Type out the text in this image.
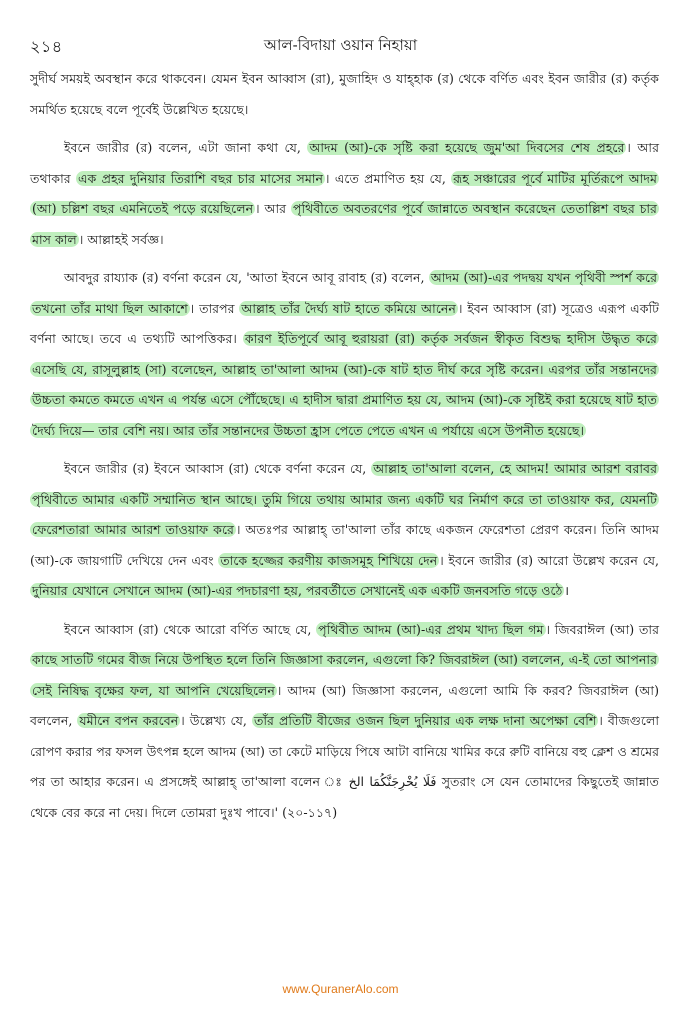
২১৪	আল-বিদায়া ওয়ান নিহায়া

সুদীর্ঘ সময়ই অবস্থান করে থাকবেন। যেমন ইবন আব্বাস (রা), মুজাহিদ ও যাহ্হাক (র) থেকে বর্ণিত এবং ইবন জারীর (র) কর্তৃক সমর্থিত হয়েছে বলে পূর্বেই উল্লেখিত হয়েছে।

ইবনে জারীর (র) বলেন, এটা জানা কথা যে, আদম (আ)-কে সৃষ্টি করা হয়েছে জুম'আ দিবসের শেষ প্রহরে । আর তথাকার এক প্রহর দুনিয়ার তিরাশি বছর চার মাসের সমান । এতে প্রমাণিত হয় যে, রূহ সঞ্চারের পূর্বে মাটির মূর্তিরূপে আদম (আ) চল্লিশ বছর এমনিতেই পড়ে রয়েছিলেন । আর পৃথিবীতে অবতরণের পূর্বে জান্নাতে অবস্থান করেছেন তেতাল্লিশ বছর চার মাস কাল । আল্লাহই সর্বজ্ঞ।

আবদুর রায্যাক (র) বর্ণনা করেন যে, 'আতা ইবনে আবূ রাবাহ (র) বলেন, আদম (আ)-এর পদদ্বয় যখন পৃথিবী স্পর্শ করে তখনো তাঁর মাথা ছিল আকাশে । তারপর আল্লাহ তাঁর দৈর্ঘ্য ষাট হাতে কমিয়ে আনেন । ইবন আব্বাস (রা) সূত্রেও এরূপ একটি বর্ণনা আছে। তবে এ তথ্যটি আপত্তিকর। কারণ ইতিপূর্বে আবূ হুরায়রা (রা) কর্তৃক সর্বজন স্বীকৃত বিশুদ্ধ হাদীস উদ্ধৃত করে এসেছি যে, রাসূলুল্লাহ (সা) বলেছেন, আল্লাহ তা'আলা আদম (আ)-কে ষাট হাত দীর্ঘ করে সৃষ্টি করেন। এরপর তাঁর সন্তানদের উচ্চতা কমতে কমতে এখন এ পর্যন্ত এসে পৌঁছেছে। এ হাদীস দ্বারা প্রমাণিত হয় যে, আদম (আ)-কে সৃষ্টিই করা হয়েছে ষাট হাত দৈর্ঘ্য দিয়ে— তার বেশি নয়। আর তাঁর সন্তানদের উচ্চতা হ্রাস পেতে পেতে এখন এ পর্যায়ে এসে উপনীত হয়েছে।

ইবনে জারীর (র) ইবনে আব্বাস (রা) থেকে বর্ণনা করেন যে, আল্লাহ তা'আলা বলেন, হে আদম! আমার আরশ বরাবর পৃথিবীতে আমার একটি সম্মানিত স্থান আছে। তুমি গিয়ে তথায় আমার জন্য একটি ঘর নির্মাণ করে তা তাওয়াফ কর, যেমনটি ফেরেশতারা আমার আরশ তাওয়াফ করে । অতঃপর আল্লাহ্ তা'আলা তাঁর কাছে একজন ফেরেশতা প্রেরণ করেন। তিনি আদম (আ)-কে জায়গাটি দেখিয়ে দেন এবং তাকে হজ্জের করণীয় কাজসমূহ শিখিয়ে দেন । ইবনে জারীর (র) আরো উল্লেখ করেন যে, দুনিয়ার যেখানে সেখানে আদম (আ)-এর পদচারণা হয়, পরবর্তীতে সেখানেই এক একটি জনবসতি গড়ে ওঠে ।

ইবনে আব্বাস (রা) থেকে আরো বর্ণিত আছে যে, পৃথিবীত আদম (আ)-এর প্রথম খাদ্য ছিল গম । জিবরাঈল (আ) তার কাছে সাতটি গমের বীজ নিয়ে উপস্থিত হলে তিনি জিজ্ঞাসা করলেন, এগুলো কি? জিবরাঈল (আ) বললেন, এ-ই তো আপনার সেই নিষিদ্ধ বৃক্ষের ফল, যা আপনি খেয়েছিলেন । আদম (আ) জিজ্ঞাসা করলেন, এগুলো আমি কি করব? জিবরাঈল (আ) বললেন, যমীনে বপন করবেন । উল্লেখ্য যে, তাঁর প্রতিটি বীজের ওজন ছিল দুনিয়ার এক লক্ষ দানা অপেক্ষা বেশি । বীজগুলো রোপণ করার পর ফসল উৎপন্ন হলে আদম (আ) তা কেটে মাড়িয়ে পিষে আটা বানিয়ে খামির করে রুটি বানিয়ে বহু ক্লেশ ও শ্রমের পর তা আহার করেন। এ প্রসঙ্গেই আল্লাহ্ তা'আলা বলেন ঃ فَلَا يُخْرِجَنَّكُمَا الخ সুতরাং সে যেন তোমাদের কিছুতেই জান্নাত থেকে বের করে না দেয়। দিলে তোমরা দুঃখ পাবে।' (২০-১১৭)

www.QuranerAlo.com
